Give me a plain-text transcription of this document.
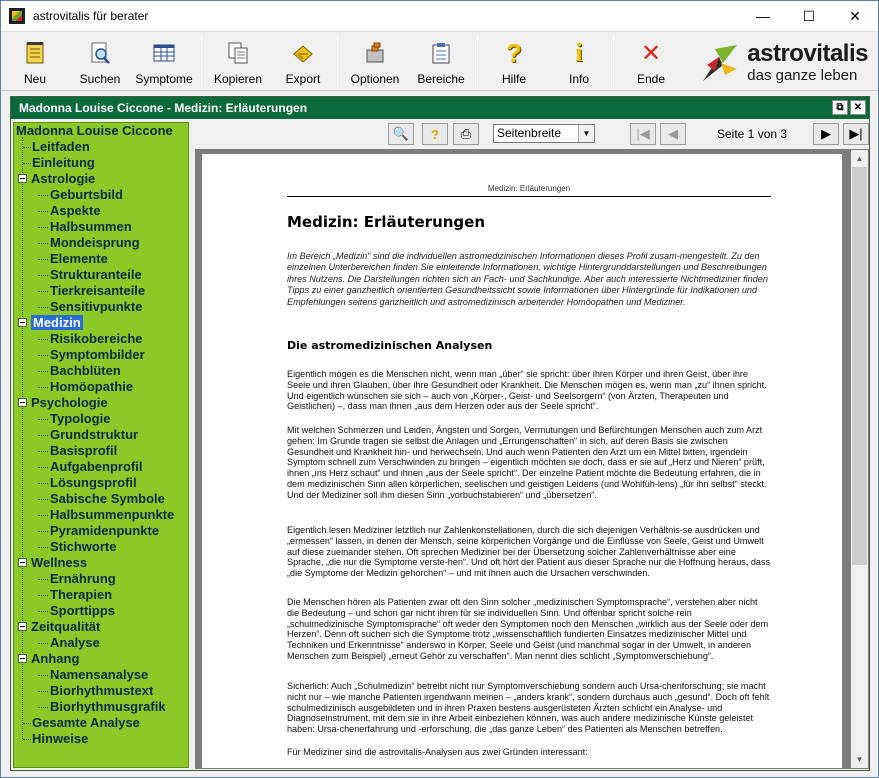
astrovitalis für berater	—	☐	✕
Neu	Suchen Symptome Kopieren Export	Optionen Bereiche
?
Hilfe
i
Info
✕
Ende
astrovitalis
das ganze leben
Madonna Louise Ciccone - Medizin: Erläuterungen	⧉	✕
Madonna Louise Ciccone
Leitfaden
Einleitung
Astrologie
Geburtsbild
Aspekte
Halbsummen
Mondeisprung
Elemente
Strukturanteile
Tierkreisanteile
Sensitivpunkte
Medizin
Risikobereiche
Symptombilder
Bachblüten
Homöopathie
Psychologie
Typologie
Grundstruktur
Basisprofil
Aufgabenprofil
Lösungsprofil
Sabische Symbole
Halbsummenpunkte
Pyramidenpunkte
Stichworte
Wellness
Ernährung
Therapien
Sporttipps
Zeitqualität
Analyse
Anhang
Namensanalyse
Biorhythmustext
Biorhythmusgrafik
Gesamte Analyse
Hinweise
🔍 ? ⎙	Seitenbreite	▼	|◀ ◀	Seite 1 von 3	▶ ▶|
Medizin: Erläuterungen
Medizin: Erläuterungen
Im Bereich „Medizin“ sind die individuellen astromedizinischen Informationen dieses Profil zusam-mengestellt. Zu den einzelnen Unterbereichen finden Sie einleitende Informationen, wichtige Hintergrunddarstellungen und Beschreibungen ihres Nutzens. Die Darstellungen richten sich an Fach- und Sachkundige. Aber auch interessierte Nichtmediziner finden Tipps zu einer ganzheitlich orientierten Gesundheitssicht sowie Informationen über Hintergründe für Indikationen und Empfehlungen seitens ganzheitlich und astromedizinisch arbeitender Homöopathen und Mediziner.
Die astromedizinischen Analysen
Eigentlich mögen es die Menschen nicht, wenn man „über“ sie spricht: über ihren Körper und ihren Geist, über ihre Seele und ihren Glauben, über ihre Gesundheit oder Krankheit. Die Menschen mögen es, wenn man „zu“ ihnen spricht. Und eigentlich wünschen sie sich – auch von „Körper-, Geist- und Seelsorgern“ (von Ärzten, Therapeuten und Geistlichen) –, dass man ihnen „aus dem Herzen oder aus der Seele spricht“.
Mit welchen Schmerzen und Leiden, Ängsten und Sorgen, Vermutungen und Befürchtungen Menschen auch zum Arzt gehen: Im Grunde tragen sie selbst die Anlagen und „Errungenschaften“ in sich, auf deren Basis sie zwischen Gesundheit und Krankheit hin- und herwechseln. Und auch wenn Patienten den Arzt um ein Mittel bitten, irgendein Symptom schnell zum Verschwinden zu bringen – eigentlich möchten sie doch, dass er sie auf „Herz und Nieren“ prüft, ihnen „ins Herz schaut“ und ihnen „aus der Seele spricht“. Der einzelne Patient möchte die Bedeutung erfahren, die in dem medizinischen Sinn allen körperlichen, seelischen und geistigen Leidens (und Wohlfüh-lens) „für ihn selbst“ steckt. Und der Mediziner soll ihm diesen Sinn „vorbuchstabieren“ und „übersetzen“.
Eigentlich lesen Mediziner letztlich nur Zahlenkonstellationen, durch die sich diejenigen Verhältnis-se ausdrücken und „ermessen“ lassen, in denen der Mensch, seine körperlichen Vorgänge und die Einflüsse von Seele, Geist und Umwelt auf diese zueinander stehen. Oft sprechen Mediziner bei der Übersetzung solcher Zahlenverhältnisse aber eine Sprache, „die nur die Symptome verste-hen“. Und oft hört der Patient aus dieser Sprache nur die Hoffnung heraus, dass „die Symptome der Medizin gehorchen“ – und mit ihnen auch die Ursachen verschwinden.
Die Menschen hören als Patienten zwar oft den Sinn solcher „medizinischen Symptomsprache“, verstehen aber nicht die Bedeutung – und schon gar nicht ihren für sie individuellen Sinn. Und offenbar spricht solche rein „schulmedizinische Symptomsprache“ oft weder den Symptomen noch den Menschen „wirklich aus der Seele oder dem Herzen“. Denn oft suchen sich die Symptome trotz „wissenschaftlich fundierten Einsatzes medizinischer Mittel und Techniken und Erkenntnisse“ anderswo in Körper, Seele und Geist (und manchmal sogar in der Umwelt, in anderen Menschen zum Beispiel) „erneut Gehör zu verschaffen“. Man nennt dies schlicht „Symptomverschiebung“.
Sicherlich: Auch „Schulmedizin“ betreibt nicht nur Symptomverschiebung sondern auch Ursa-chenforschung; sie macht nicht nur – wie manche Patienten irgendwann meinen – „anders krank“, sondern durchaus auch „gesund“. Doch oft fehlt schulmedizinisch ausgebildeten und in ihren Praxen bestens ausgerüsteten Ärzten schlicht ein Analyse- und Diagnoseinstrument, mit dem sie in ihre Arbeit einbeziehen können, was auch andere medizinische Künste geleistet haben: Ursa-chenerfahrung und -erforschung, die „das ganze Leben“ des Patienten als Menschen betreffen.
Für Mediziner sind die astrovitalis-Analysen aus zwei Gründen interessant:
▲
▼
